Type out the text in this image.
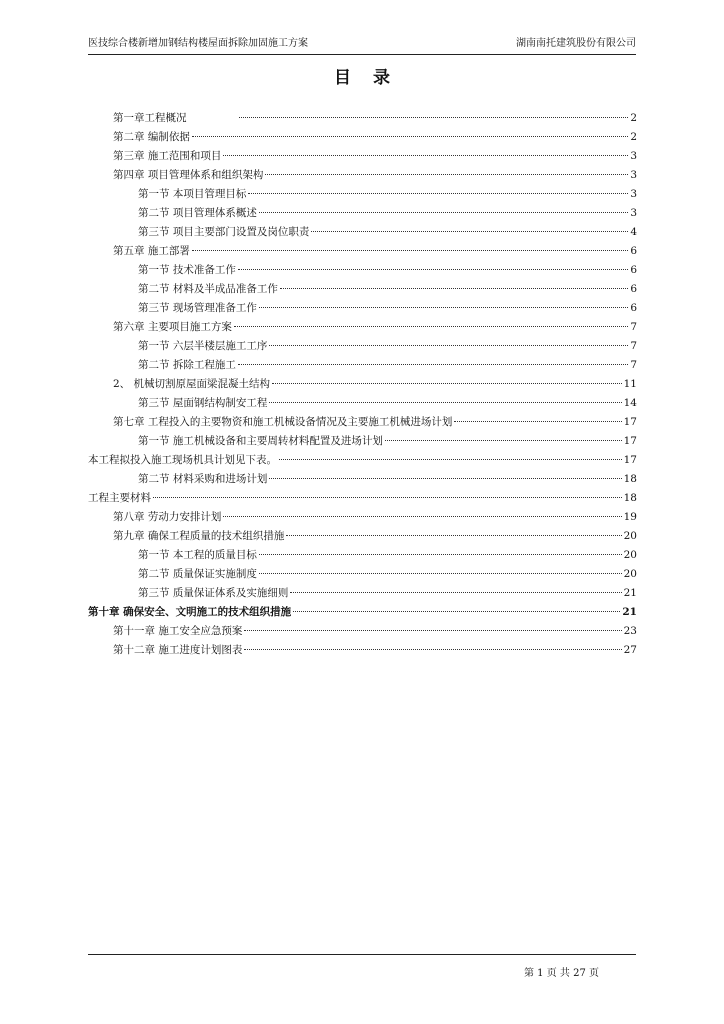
医技综合楼新增加钢结构楼屋面拆除加固施工方案	湖南南托建筑股份有限公司
目录
第一章工程概况	2
第二章 编制依据	2
第三章 施工范围和项目	3
第四章 项目管理体系和组织架构	3
第一节 本项目管理目标	3
第二节 项目管理体系概述	3
第三节 项目主要部门设置及岗位职责	4
第五章 施工部署	6
第一节 技术准备工作	6
第二节 材料及半成品准备工作	6
第三节 现场管理准备工作	6
第六章 主要项目施工方案	7
第一节 六层半楼层施工工序	7
第二节 拆除工程施工	7
2、 机械切割原屋面梁混凝土结构	11
第三节 屋面钢结构制安工程	14
第七章 工程投入的主要物资和施工机械设备情况及主要施工机械进场计划	17
第一节 施工机械设备和主要周转材料配置及进场计划	17
本工程拟投入施工现场机具计划见下表。	17
第二节 材料采购和进场计划	18
工程主要材料	18
第八章 劳动力安排计划	19
第九章 确保工程质量的技术组织措施	20
第一节 本工程的质量目标	20
第二节 质量保证实施制度	20
第三节 质量保证体系及实施细则	21
第十章 确保安全、文明施工的技术组织措施	21
第十一章 施工安全应急预案	23
第十二章 施工进度计划图表	27
第 1 页 共 27 页
